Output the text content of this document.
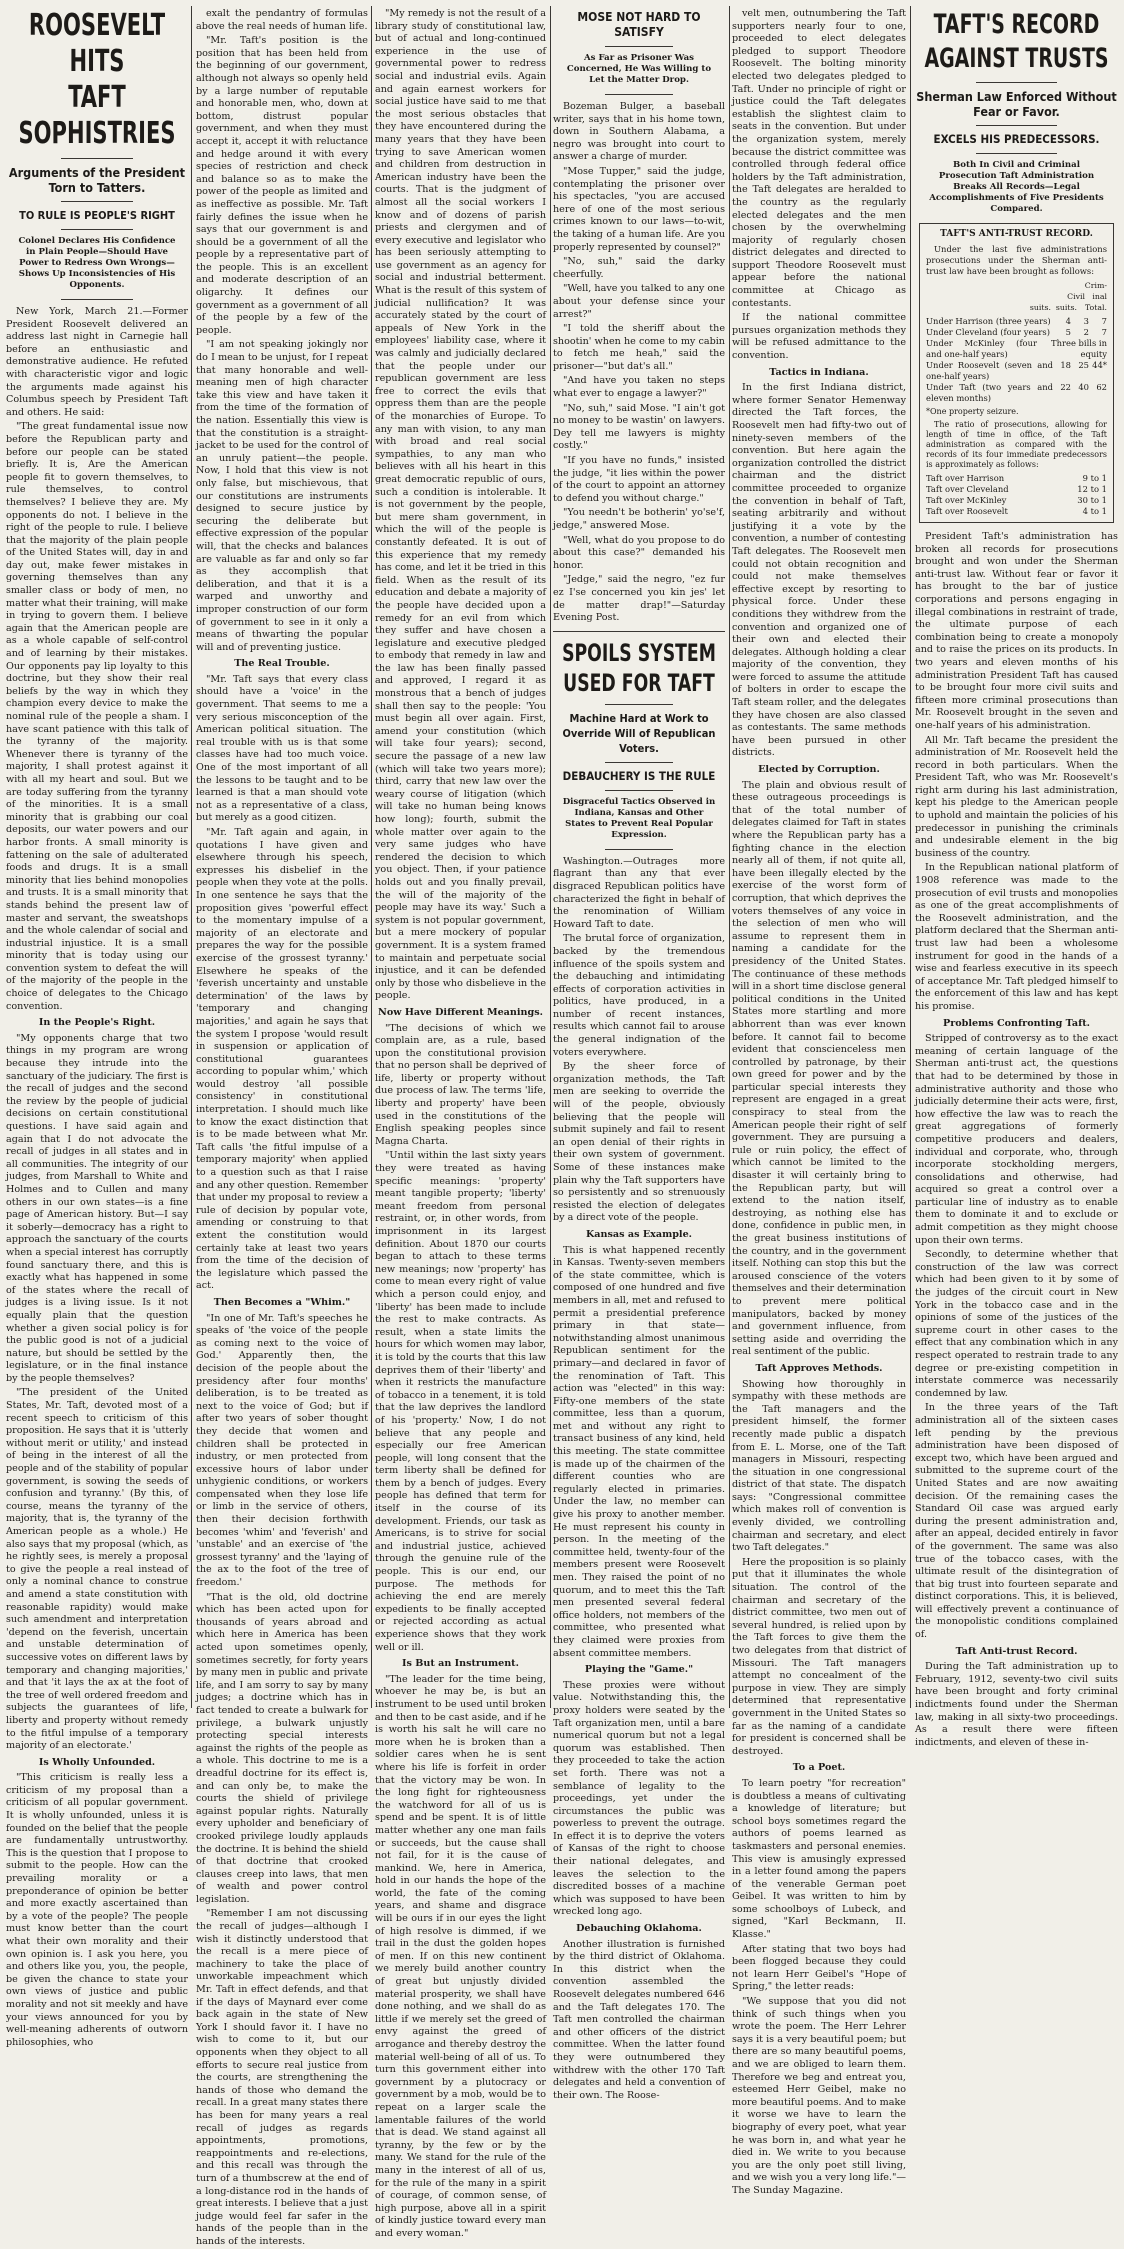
ROOSEVELT HITS
TAFT SOPHISTRIES
Arguments of the President Torn to Tatters.
TO RULE IS PEOPLE'S RIGHT
Colonel Declares His Confidence in Plain People—Should Have Power to Redress Own Wrongs—Shows Up Inconsistencies of His Opponents.

New York, March 21.—Former President Roosevelt delivered an address last night in Carnegie hall before an enthusiastic and demonstrative audience. He refuted with characteristic vigor and logic the arguments made against his Columbus speech by President Taft and others. He said:

"The great fundamental issue now before the Republican party and before our people can be stated briefly. It is, Are the American people fit to govern themselves, to rule themselves, to control themselves? I believe they are. My opponents do not. I believe in the right of the people to rule. I believe that the majority of the plain people of the United States will, day in and day out, make fewer mistakes in governing themselves than any smaller class or body of men, no matter what their training, will make in trying to govern them. I believe again that the American people are as a whole capable of self-control and of learning by their mistakes. Our opponents pay lip loyalty to this doctrine, but they show their real beliefs by the way in which they champion every device to make the nominal rule of the people a sham. I have scant patience with this talk of the tyranny of the majority. Whenever there is tyranny of the majority, I shall protest against it with all my heart and soul. But we are today suffering from the tyranny of the minorities. It is a small minority that is grabbing our coal deposits, our water powers and our harbor fronts. A small minority is fattening on the sale of adulterated foods and drugs. It is a small minority that lies behind monopolies and trusts. It is a small minority that stands behind the present law of master and servant, the sweatshops and the whole calendar of social and industrial injustice. It is a small minority that is today using our convention system to defeat the will of the majority of the people in the choice of delegates to the Chicago convention.

In the People's Right.

"My opponents charge that two things in my program are wrong because they intrude into the sanctuary of the judiciary. The first is the recall of judges and the second the review by the people of judicial decisions on certain constitutional questions. I have said again and again that I do not advocate the recall of judges in all states and in all communities. The integrity of our judges, from Marshall to White and Holmes and to Cullen and many others in our own states—is a fine page of American history. But—I say it soberly—democracy has a right to approach the sanctuary of the courts when a special interest has corruptly found sanctuary there, and this is exactly what has happened in some of the states where the recall of judges is a living issue. Is it not equally plain that the question whether a given social policy is for the public good is not of a judicial nature, but should be settled by the legislature, or in the final instance by the people themselves?

"The president of the United States, Mr. Taft, devoted most of a recent speech to criticism of this proposition. He says that it is 'utterly without merit or utility,' and instead of being in the interest of all the people and of the stability of popular government, is sowing the seeds of confusion and tyranny.' (By this, of course, means the tyranny of the majority, that is, the tyranny of the American people as a whole.) He also says that my proposal (which, as he rightly sees, is merely a proposal to give the people a real instead of only a nominal chance to construe and amend a state constitution with reasonable rapidity) would make such amendment and interpretation 'depend on the feverish, uncertain and unstable determination of successive votes on different laws by temporary and changing majorities,' and that 'it lays the ax at the foot of the tree of well ordered freedom and subjects the guarantees of life, liberty and property without remedy to the fitful impulse of a temporary majority of an electorate.'

Is Wholly Unfounded.

"This criticism is really less a criticism of my proposal than a criticism of all popular government. It is wholly unfounded, unless it is founded on the belief that the people are fundamentally untrustworthy. This is the question that I propose to submit to the people. How can the prevailing morality or a preponderance of opinion be better and more exactly ascertained than by a vote of the people? The people must know better than the court what their own morality and their own opinion is. I ask you here, you and others like you, you, the people, be given the chance to state your own views of justice and public morality and not sit meekly and have your views announced for you by well-meaning adherents of outworn philosophies, who

exalt the pendantry of formulas above the real needs of human life.

"Mr. Taft's position is the position that has been held from the beginning of our government, although not always so openly held by a large number of reputable and honorable men, who, down at bottom, distrust popular government, and when they must accept it, accept it with reluctance and hedge around it with every species of restriction and check and balance so as to make the power of the people as limited and as ineffective as possible. Mr. Taft fairly defines the issue when he says that our government is and should be a government of all the people by a representative part of the people. This is an excellent and moderate description of an oligarchy. It defines our government as a government of all of the people by a few of the people.

"I am not speaking jokingly nor do I mean to be unjust, for I repeat that many honorable and well-meaning men of high character take this view and have taken it from the time of the formation of the nation. Essentially this view is that the constitution is a straight-jacket to be used for the control of an unruly patient—the people. Now, I hold that this view is not only false, but mischievous, that our constitutions are instruments designed to secure justice by securing the deliberate but effective expression of the popular will, that the checks and balances are valuable as far and only so far as they accomplish that deliberation, and that it is a warped and unworthy and improper construction of our form of government to see in it only a means of thwarting the popular will and of preventing justice.

The Real Trouble.

"Mr. Taft says that every class should have a 'voice' in the government. That seems to me a very serious misconception of the American political situation. The real trouble with us is that some classes have had too much voice. One of the most important of all the lessons to be taught and to be learned is that a man should vote not as a representative of a class, but merely as a good citizen.

"Mr. Taft again and again, in quotations I have given and elsewhere through his speech, expresses his disbelief in the people when they vote at the polls. In one sentence he says that the proposition gives 'powerful effect to the momentary impulse of a majority of an electorate and prepares the way for the possible exercise of the grossest tyranny.' Elsewhere he speaks of the 'feverish uncertainty and unstable determination' of the laws by 'temporary and changing majorities,' and again he says that the system I propose 'would result in suspension or application of constitutional guarantees according to popular whim,' which would destroy 'all possible consistency' in constitutional interpretation. I should much like to know the exact distinction that is to be made between what Mr. Taft calls 'the fitful impulse of a temporary majority' when applied to a question such as that I raise and any other question. Remember that under my proposal to review a rule of decision by popular vote, amending or construing to that extent the constitution would certainly take at least two years from the time of the decision of the legislature which passed the act.

Then Becomes a "Whim."

"In one of Mr. Taft's speeches he speaks of 'the voice of the people as coming next to the voice of God.' Apparently then, the decision of the people about the presidency after four months' deliberation, is to be treated as next to the voice of God; but if after two years of sober thought they decide that women and children shall be protected in industry, or men protected from excessive hours of labor under unhygienic conditions, or workers compensated when they lose life or limb in the service of others, then their decision forthwith becomes 'whim' and 'feverish' and 'unstable' and an exercise of 'the grossest tyranny' and the 'laying of the ax to the foot of the tree of freedom.'

"That is the old, old doctrine which has been acted upon for thousands of years abroad and which here in America has been acted upon sometimes openly, sometimes secretly, for forty years by many men in public and private life, and I am sorry to say by many judges; a doctrine which has in fact tended to create a bulwark for privilege, a bulwark unjustly protecting special interests against the rights of the people as a whole. This doctrine to me is a dreadful doctrine for its effect is, and can only be, to make the courts the shield of privilege against popular rights. Naturally every upholder and beneficiary of crooked privilege loudly applauds the doctrine. It is behind the shield of that doctrine that crooked clauses creep into laws, that men of wealth and power control legislation.

"Remember I am not discussing the recall of judges—although I wish it distinctly understood that the recall is a mere piece of machinery to take the place of unworkable impeachment which Mr. Taft in effect defends, and that if the days of Maynard ever come back again in the state of New York I should favor it. I have no wish to come to it, but our opponents when they object to all efforts to secure real justice from the courts, are strengthening the hands of those who demand the recall. In a great many states there has been for many years a real recall of judges as regards appointments, promotions, reappointments and re-elections, and this recall was through the turn of a thumbscrew at the end of a long-distance rod in the hands of great interests. I believe that a just judge would feel far safer in the hands of the people than in the hands of the interests.

"My remedy is not the result of a library study of constitutional law, but of actual and long-continued experience in the use of governmental power to redress social and industrial evils. Again and again earnest workers for social justice have said to me that the most serious obstacles that they have encountered during the many years that they have been trying to save American women and children from destruction in American industry have been the courts. That is the judgment of almost all the social workers I know and of dozens of parish priests and clergymen and of every executive and legislator who has been seriously attempting to use government as an agency for social and industrial betterment. What is the result of this system of judicial nullification? It was accurately stated by the court of appeals of New York in the employees' liability case, where it was calmly and judicially declared that the people under our republican government are less free to correct the evils that oppress them than are the people of the monarchies of Europe. To any man with vision, to any man with broad and real social sympathies, to any man who believes with all his heart in this great democratic republic of ours, such a condition is intolerable. It is not government by the people, but mere sham government, in which the will of the people is constantly defeated. It is out of this experience that my remedy has come, and let it be tried in this field. When as the result of its education and debate a majority of the people have decided upon a remedy for an evil from which they suffer and have chosen a legislature and executive pledged to embody that remedy in law and the law has been finally passed and approved, I regard it as monstrous that a bench of judges shall then say to the people: 'You must begin all over again. First, amend your constitution (which will take four years); second, secure the passage of a new law (which will take two years more); third, carry that new law over the weary course of litigation (which will take no human being knows how long); fourth, submit the whole matter over again to the very same judges who have rendered the decision to which you object. Then, if your patience holds out and you finally prevail, the will of the majority of the people may have its way.' Such a system is not popular government, but a mere mockery of popular government. It is a system framed to maintain and perpetuate social injustice, and it can be defended only by those who disbelieve in the people.

Now Have Different Meanings.

"The decisions of which we complain are, as a rule, based upon the constitutional provision that no person shall be deprived of life, liberty or property without due process of law. The terms 'life, liberty and property' have been used in the constitutions of the English speaking peoples since Magna Charta.

"Until within the last sixty years they were treated as having specific meanings: 'property' meant tangible property; 'liberty' meant freedom from personal restraint, or, in other words, from imprisonment in its largest definition. About 1870 our courts began to attach to these terms new meanings; now 'property' has come to mean every right of value which a person could enjoy, and 'liberty' has been made to include the rest to make contracts. As result, when a state limits the hours for which women may labor, it is told by the courts that this law deprives them of their 'liberty' and when it restricts the manufacture of tobacco in a tenement, it is told that the law deprives the landlord of his 'property.' Now, I do not believe that any people and especially our free American people, will long consent that the term liberty shall be defined for them by a bench of judges. Every people has defined that term for itself in the course of its development. Friends, our task as Americans, is to strive for social and industrial justice, achieved through the genuine rule of the people. This is our end, our purpose. The methods for achieving the end are merely expedients to be finally accepted or rejected according as actual experience shows that they work well or ill.

Is But an Instrument.

"The leader for the time being, whoever he may be, is but an instrument to be used until broken and then to be cast aside, and if he is worth his salt he will care no more when he is broken than a soldier cares when he is sent where his life is forfeit in order that the victory may be won. In the long fight for righteousness the watchword for all of us is spend and be spent. It is of little matter whether any one man fails or succeeds, but the cause shall not fail, for it is the cause of mankind. We, here in America, hold in our hands the hope of the world, the fate of the coming years, and shame and disgrace will be ours if in our eyes the light of high resolve is dimmed, if we trail in the dust the golden hopes of men. If on this new continent we merely build another country of great but unjustly divided material prosperity, we shall have done nothing, and we shall do as little if we merely set the greed of envy against the greed of arrogance and thereby destroy the material well-being of all of us. To turn this government either into government by a plutocracy or government by a mob, would be to repeat on a larger scale the lamentable failures of the world that is dead. We stand against all tyranny, by the few or by the many. We stand for the rule of the many in the interest of all of us, for the rule of the many in a spirit of courage, of common sense, of high purpose, above all in a spirit of kindly justice toward every man and every woman."

MOSE NOT HARD TO SATISFY
As Far as Prisoner Was Concerned, He Was Willing to Let the Matter Drop.

Bozeman Bulger, a baseball writer, says that in his home town, down in Southern Alabama, a negro was brought into court to answer a charge of murder.

"Mose Tupper," said the judge, contemplating the prisoner over his spectacles, "you are accused here of one of the most serious crimes known to our laws—to-wit, the taking of a human life. Are you properly represented by counsel?"

"No, suh," said the darky cheerfully.

"Well, have you talked to any one about your defense since your arrest?"

"I told the sheriff about the shootin' when he come to my cabin to fetch me heah," said the prisoner—"but dat's all."

"And have you taken no steps what ever to engage a lawyer?"

"No, suh," said Mose. "I ain't got no money to be wastin' on lawyers. Dey tell me lawyers is mighty costly."

"If you have no funds," insisted the judge, "it lies within the power of the court to appoint an attorney to defend you without charge."

"You needn't be botherin' yo'se'f, jedge," answered Mose.

"Well, what do you propose to do about this case?" demanded his honor.

"Jedge," said the negro, "ez fur ez I'se concerned you kin jes' let de matter drap!"—Saturday Evening Post.

SPOILS SYSTEM
USED FOR TAFT
Machine Hard at Work to Override Will of Republican Voters.
DEBAUCHERY IS THE RULE
Disgraceful Tactics Observed in Indiana, Kansas and Other States to Prevent Real Popular Expression.

Washington.—Outrages more flagrant than any that ever disgraced Republican politics have characterized the fight in behalf of the renomination of William Howard Taft to date.

The brutal force of organization, backed by the tremendous influence of the spoils system and the debauching and intimidating effects of corporation activities in politics, have produced, in a number of recent instances, results which cannot fail to arouse the general indignation of the voters everywhere.

By the sheer force of organization methods, the Taft men are seeking to override the will of the people, obviously believing that the people will submit supinely and fail to resent an open denial of their rights in their own system of government. Some of these instances make plain why the Taft supporters have so persistently and so strenuously resisted the election of delegates by a direct vote of the people.

Kansas as Example.

This is what happened recently in Kansas. Twenty-seven members of the state committee, which is composed of one hundred and five members in all, met and refused to permit a presidential preference primary in that state—notwithstanding almost unanimous Republican sentiment for the primary—and declared in favor of the renomination of Taft. This action was "elected" in this way: Fifty-one members of the state committee, less than a quorum, met and without any right to transact business of any kind, held this meeting. The state committee is made up of the chairmen of the different counties who are regularly elected in primaries. Under the law, no member can give his proxy to another member. He must represent his county in person. In the meeting of the committee held, twenty-four of the members present were Roosevelt men. They raised the point of no quorum, and to meet this the Taft men presented several federal office holders, not members of the committee, who presented what they claimed were proxies from absent committee members.

Playing the "Game."

These proxies were without value. Notwithstanding this, the proxy holders were seated by the Taft organization men, until a bare numerical quorum but not a legal quorum was established. Then they proceeded to take the action set forth. There was not a semblance of legality to the proceedings, yet under the circumstances the public was powerless to prevent the outrage. In effect it is to deprive the voters of Kansas of the right to choose their national delegates, and leaves the selection to the discredited bosses of a machine which was supposed to have been wrecked long ago.

Debauching Oklahoma.

Another illustration is furnished by the third district of Oklahoma. In this district when the convention assembled the Roosevelt delegates numbered 646 and the Taft delegates 170. The Taft men controlled the chairman and other officers of the district committee. When the latter found they were outnumbered they withdrew with the other 170 Taft delegates and held a convention of their own. The Roose-

velt men, outnumbering the Taft supporters nearly four to one, proceeded to elect delegates pledged to support Theodore Roosevelt. The bolting minority elected two delegates pledged to Taft. Under no principle of right or justice could the Taft delegates establish the slightest claim to seats in the convention. But under the organization system, merely because the district committee was controlled through federal office holders by the Taft administration, the Taft delegates are heralded to the country as the regularly elected delegates and the men chosen by the overwhelming majority of regularly chosen district delegates and directed to support Theodore Roosevelt must appear before the national committee at Chicago as contestants.

If the national committee pursues organization methods they will be refused admittance to the convention.

Tactics in Indiana.

In the first Indiana district, where former Senator Hemenway directed the Taft forces, the Roosevelt men had fifty-two out of ninety-seven members of the convention. But here again the organization controlled the district chairman and the district committee proceeded to organize the convention in behalf of Taft, seating arbitrarily and without justifying it a vote by the convention, a number of contesting Taft delegates. The Roosevelt men could not obtain recognition and could not make themselves effective except by resorting to physical force. Under these conditions they withdrew from the convention and organized one of their own and elected their delegates. Although holding a clear majority of the convention, they were forced to assume the attitude of bolters in order to escape the Taft steam roller, and the delegates they have chosen are also classed as contestants. The same methods have been pursued in other districts.

Elected by Corruption.

The plain and obvious result of these outrageous proceedings is that of the total number of delegates claimed for Taft in states where the Republican party has a fighting chance in the election nearly all of them, if not quite all, have been illegally elected by the exercise of the worst form of corruption, that which deprives the voters themselves of any voice in the selection of men who will assume to represent them in naming a candidate for the presidency of the United States. The continuance of these methods will in a short time disclose general political conditions in the United States more startling and more abhorrent than was ever known before. It cannot fail to become evident that conscienceless men controlled by patronage, by their own greed for power and by the particular special interests they represent are engaged in a great conspiracy to steal from the American people their right of self government. They are pursuing a rule or ruin policy, the effect of which cannot be limited to the disaster it will certainly bring to the Republican party, but will extend to the nation itself, destroying, as nothing else has done, confidence in public men, in the great business institutions of the country, and in the government itself. Nothing can stop this but the aroused conscience of the voters themselves and their determination to prevent mere political manipulators, backed by money and government influence, from setting aside and overriding the real sentiment of the public.

Taft Approves Methods.

Showing how thoroughly in sympathy with these methods are the Taft managers and the president himself, the former recently made public a dispatch from E. L. Morse, one of the Taft managers in Missouri, respecting the situation in one congressional district of that state. The dispatch says: "Congressional committee which makes roll of convention is evenly divided, we controlling chairman and secretary, and elect two Taft delegates."

Here the proposition is so plainly put that it illuminates the whole situation. The control of the chairman and secretary of the district committee, two men out of several hundred, is relied upon by the Taft forces to give them the two delegates from that district of Missouri. The Taft managers attempt no concealment of the purpose in view. They are simply determined that representative government in the United States so far as the naming of a candidate for president is concerned shall be destroyed.

To a Poet.

To learn poetry "for recreation" is doubtless a means of cultivating a knowledge of literature; but school boys sometimes regard the authors of poems learned as taskmasters and personal enemies. This view is amusingly expressed in a letter found among the papers of the venerable German poet Geibel. It was written to him by some schoolboys of Lubeck, and signed, "Karl Beckmann, II. Klasse."

After stating that two boys had been flogged because they could not learn Herr Geibel's "Hope of Spring," the letter reads:

"We suppose that you did not think of such things when you wrote the poem. The Herr Lehrer says it is a very beautiful poem; but there are so many beautiful poems, and we are obliged to learn them. Therefore we beg and entreat you, esteemed Herr Geibel, make no more beautiful poems. And to make it worse we have to learn the biography of every poet, what year he was born in, and what year he died in. We write to you because you are the only poet still living, and we wish you a very long life."—The Sunday Magazine.

TAFT'S RECORD
AGAINST TRUSTS
Sherman Law Enforced Without Fear or Favor.
EXCELS HIS PREDECESSORS.
Both In Civil and Criminal Prosecution Taft Administration Breaks All Records—Legal Accomplishments of Five Presidents Compared.
TAFT'S ANTI-TRUST RECORD.
Under the last five administrations prosecutions under the Sherman anti-trust law have been brought as follows:
Crim-
Civil inal
suits. suits.	Total.
Under Harrison (three years)	4	3	7
Under Cleveland (four years)	5	2	7
Under McKinley (four and one-half years)
Three bills in equity
Under Roosevelt (seven and one-half years)
18 25 44*
Under Taft (two years and eleven months)
22 40 62
*One property seizure.
The ratio of prosecutions, allowing for length of time in office, of the Taft administration as compared with the records of its four immediate predecessors is approximately as follows:
Taft over Harrison	9 to 1
Taft over Cleveland	12 to 1
Taft over McKinley	30 to 1
Taft over Roosevelt	4 to 1

President Taft's administration has broken all records for prosecutions brought and won under the Sherman anti-trust law. Without fear or favor it has brought to the bar of justice corporations and persons engaging in illegal combinations in restraint of trade, the ultimate purpose of each combination being to create a monopoly and to raise the prices on its products. In two years and eleven months of his administration President Taft has caused to be brought four more civil suits and fifteen more criminal prosecutions than Mr. Roosevelt brought in the seven and one-half years of his administration.

All Mr. Taft became the president the administration of Mr. Roosevelt held the record in both particulars. When the President Taft, who was Mr. Roosevelt's right arm during his last administration, kept his pledge to the American people to uphold and maintain the policies of his predecessor in punishing the criminals and undesirable element in the big business of the country.

In the Republican national platform of 1908 reference was made to the prosecution of evil trusts and monopolies as one of the great accomplishments of the Roosevelt administration, and the platform declared that the Sherman anti-trust law had been a wholesome instrument for good in the hands of a wise and fearless executive in its speech of acceptance Mr. Taft pledged himself to the enforcement of this law and has kept his promise.

Problems Confronting Taft.

Stripped of controversy as to the exact meaning of certain language of the Sherman anti-trust act, the questions that had to be determined by those in administrative authority and those who judicially determine their acts were, first, how effective the law was to reach the great aggregations of formerly competitive producers and dealers, individual and corporate, who, through incorporate stockholding mergers, consolidations and otherwise, had acquired so great a control over a particular line of industry as to enable them to dominate it and to exclude or admit competition as they might choose upon their own terms.

Secondly, to determine whether that construction of the law was correct which had been given to it by some of the judges of the circuit court in New York in the tobacco case and in the opinions of some of the justices of the supreme court in other cases to the effect that any combination which in any respect operated to restrain trade to any degree or pre-existing competition in interstate commerce was necessarily condemned by law.

In the three years of the Taft administration all of the sixteen cases left pending by the previous administration have been disposed of except two, which have been argued and submitted to the supreme court of the United States and are now awaiting decision. Of the remaining cases the Standard Oil case was argued early during the present administration and, after an appeal, decided entirely in favor of the government. The same was also true of the tobacco cases, with the ultimate result of the disintegration of that big trust into fourteen separate and distinct corporations. This, it is believed, will effectively prevent a continuance of the monopolistic conditions complained of.

Taft Anti-trust Record.

During the Taft administration up to February, 1912, seventy-two civil suits have been brought and forty criminal indictments found under the Sherman law, making in all sixty-two proceedings. As a result there were fifteen indictments, and eleven of these in-
